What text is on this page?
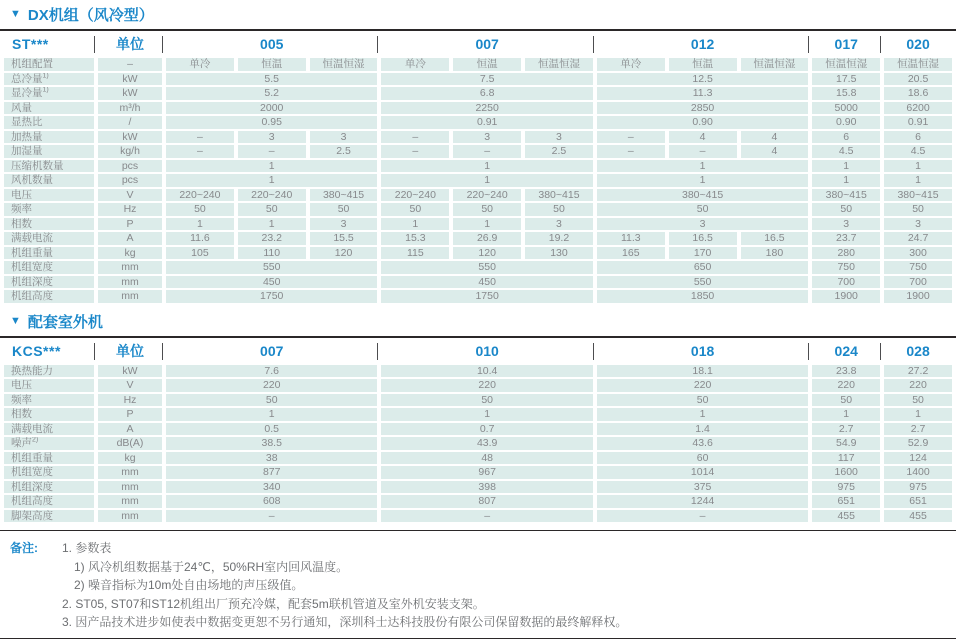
▼ DX机组（风冷型）
ST***	单位	005			007			012			017	020
机组配置	–	单冷	恒温	恒温恒湿	单冷	恒温	恒温恒湿	单冷	恒温	恒温恒湿	恒温恒湿	恒温恒湿
总冷量$^{1)}$	kW	5.5			7.5			12.5			17.5	20.5
显冷量$^{1)}$	kW	5.2			6.8			11.3			15.8	18.6
风量	m³/h	2000			2250			2850			5000	6200
显热比	/	0.95			0.91			0.90			0.90	0.91
加热量	kW	–	3	3	–	3	3	–	4	4	6	6
加湿量	kg/h	–	–	2.5	–	–	2.5	–	–	4	4.5	4.5
压缩机数量	pcs	1			1			1			1	1
风机数量	pcs	1			1			1			1	1
电压	V	220~240	220~240	380~415	220~240	220~240	380~415	380~415			380~415	380~415
频率	Hz	50	50	50	50	50	50	50			50	50
相数	P	1	1	3	1	1	3	3			3	3
满载电流	A	11.6	23.2	15.5	15.3	26.9	19.2	11.3	16.5	16.5	23.7	24.7
机组重量	kg	105	110	120	115	120	130	165	170	180	280	300
机组宽度	mm	550			550			650			750	750
机组深度	mm	450			450			550			700	700
机组高度	mm	1750			1750			1850			1900	1900
▼ 配套室外机
KCS***	单位	007	010	018	024	028
换热能力	kW	7.6	10.4	18.1	23.8	27.2
电压	V	220	220	220	220	220
频率	Hz	50	50	50	50	50
相数	P	1	1	1	1	1
满载电流	A	0.5	0.7	1.4	2.7	2.7
噪声$^{2)}$	dB(A)	38.5	43.9	43.6	54.9	52.9
机组重量	kg	38	48	60	117	124
机组宽度	mm	877	967	1014	1600	1400
机组深度	mm	340	398	375	975	975
机组高度	mm	608	807	1244	651	651
脚架高度	mm	–	–	–	455	455
备注:	1. 参数表
1) 风冷机组数据基于24℃，50%RH室内回风温度。
2) 噪音指标为10m处自由场地的声压级值。
2. ST05, ST07和ST12机组出厂预充冷媒，配套5m联机管道及室外机安装支架。
3. 因产品技术进步如使表中数据变更恕不另行通知，深圳科士达科技股份有限公司保留数据的最终解释权。
